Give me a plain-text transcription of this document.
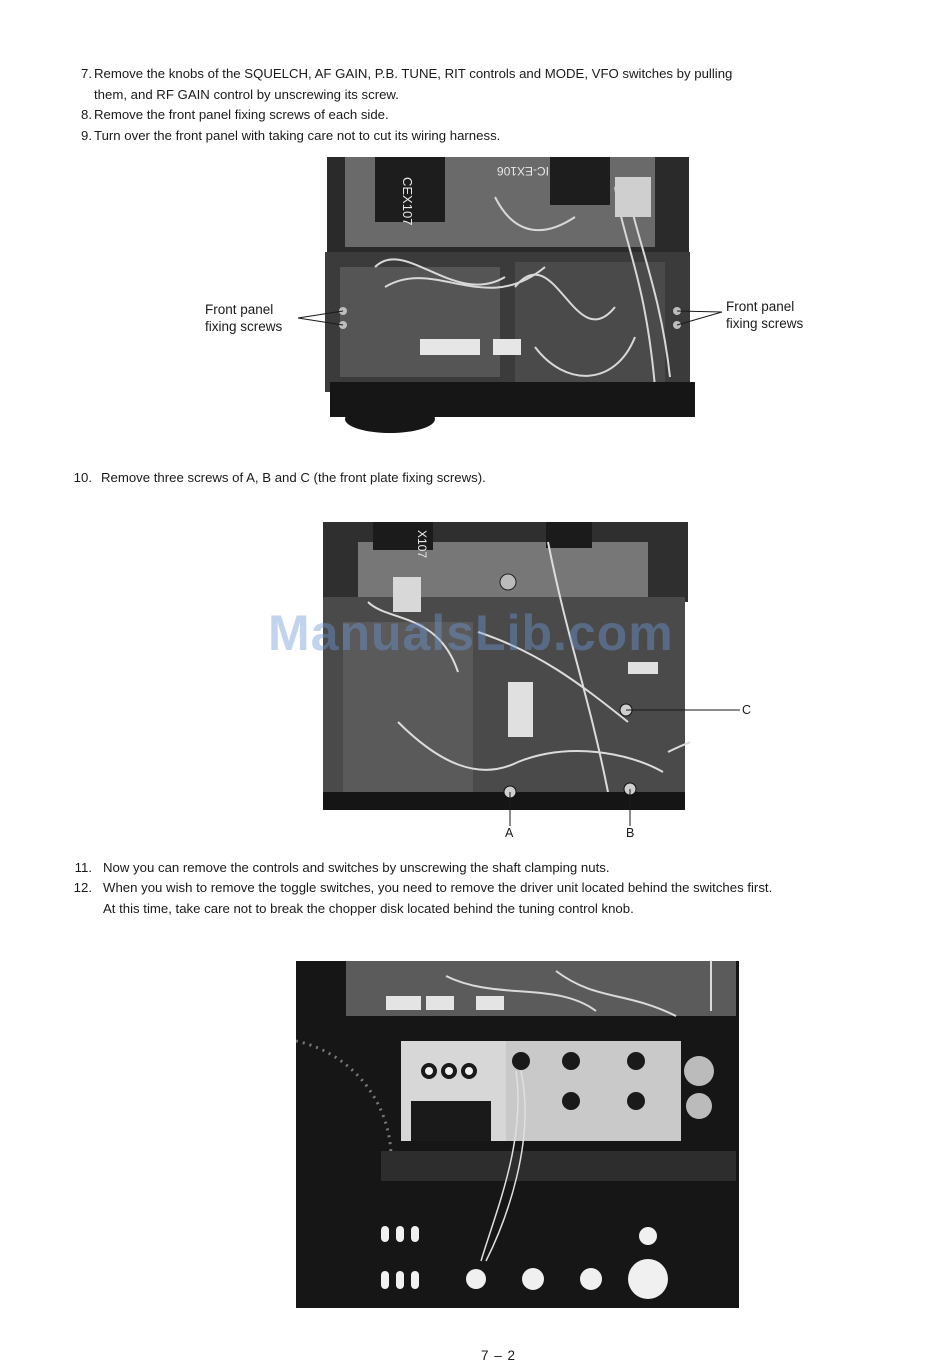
7. Remove the knobs of the SQUELCH, AF GAIN, P.B. TUNE, RIT controls and MODE, VFO switches by pulling
them, and RF GAIN control by unscrewing its screw.
8. Remove the front panel fixing screws of each side.
9. Turn over the front panel with taking care not to cut its wiring harness.
CEX107
IC-EX106
Front panel
fixing screws
Front panel
fixing screws
10. Remove three screws of A, B and C (the front plate fixing screws).
X107
A	B
C
ManualsLib.com
11. Now you can remove the controls and switches by unscrewing the shaft clamping nuts.
12. When you wish to remove the toggle switches, you need to remove the driver unit located behind the switches first.
At this time, take care not to break the chopper disk located behind the tuning control knob.
7 – 2
